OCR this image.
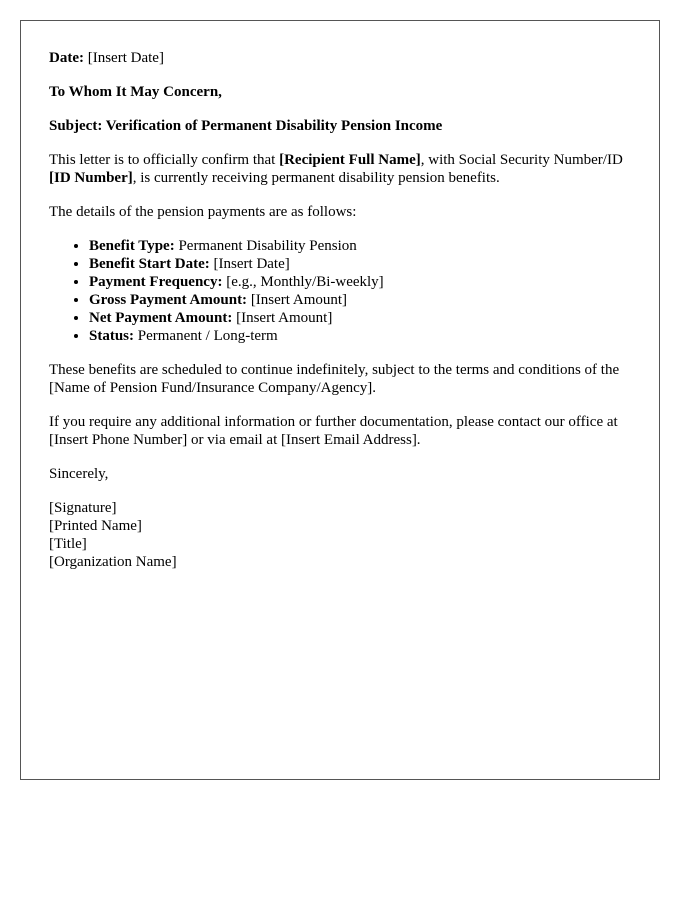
Date: [Insert Date]

To Whom It May Concern,

Subject: Verification of Permanent Disability Pension Income

This letter is to officially confirm that [Recipient Full Name], with Social Security Number/ID [ID Number], is currently receiving permanent disability pension benefits.

The details of the pension payments are as follows:

• Benefit Type: Permanent Disability Pension
• Benefit Start Date: [Insert Date]
• Payment Frequency: [e.g., Monthly/Bi-weekly]
• Gross Payment Amount: [Insert Amount]
• Net Payment Amount: [Insert Amount]
• Status: Permanent / Long-term

These benefits are scheduled to continue indefinitely, subject to the terms and conditions of the [Name of Pension Fund/Insurance Company/Agency].

If you require any additional information or further documentation, please contact our office at [Insert Phone Number] or via email at [Insert Email Address].

Sincerely,

[Signature]

[Printed Name]

[Title]

[Organization Name]
